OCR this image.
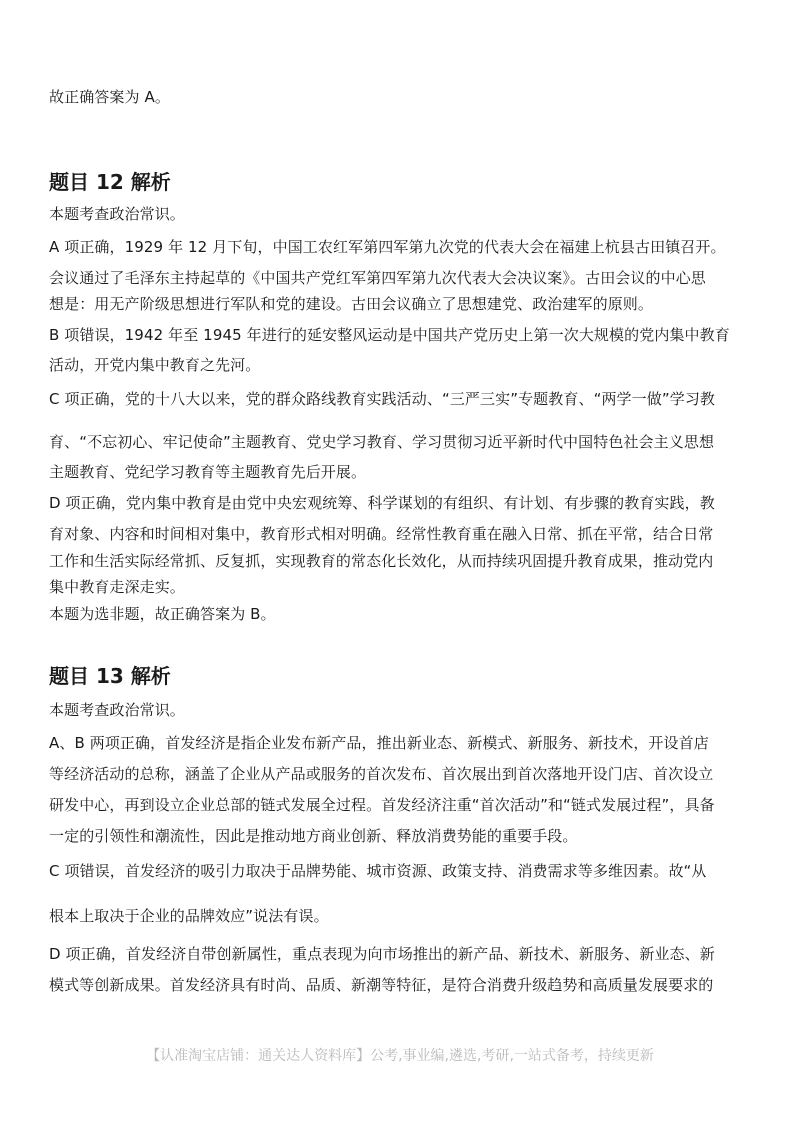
故正确答案为 A。
题目 12 解析
本题考查政治常识。
A 项正确，1929 年 12 月下旬，中国工农红军第四军第九次党的代表大会在福建上杭县古田镇召开。
会议通过了毛泽东主持起草的《中国共产党红军第四军第九次代表大会决议案》。古田会议的中心思
想是：用无产阶级思想进行军队和党的建设。古田会议确立了思想建党、政治建军的原则。
B 项错误，1942 年至 1945 年进行的延安整风运动是中国共产党历史上第一次大规模的党内集中教育
活动，开党内集中教育之先河。
C 项正确，党的十八大以来，党的群众路线教育实践活动、“三严三实”专题教育、“两学一做”学习教
育、“不忘初心、牢记使命”主题教育、党史学习教育、学习贯彻习近平新时代中国特色社会主义思想
主题教育、党纪学习教育等主题教育先后开展。
D 项正确，党内集中教育是由党中央宏观统筹、科学谋划的有组织、有计划、有步骤的教育实践，教
育对象、内容和时间相对集中，教育形式相对明确。经常性教育重在融入日常、抓在平常，结合日常
工作和生活实际经常抓、反复抓，实现教育的常态化长效化，从而持续巩固提升教育成果，推动党内
集中教育走深走实。
本题为选非题，故正确答案为 B。
题目 13 解析
本题考查政治常识。
A、B 两项正确，首发经济是指企业发布新产品，推出新业态、新模式、新服务、新技术，开设首店
等经济活动的总称，涵盖了企业从产品或服务的首次发布、首次展出到首次落地开设门店、首次设立
研发中心，再到设立企业总部的链式发展全过程。首发经济注重“首次活动”和“链式发展过程”，具备
一定的引领性和潮流性，因此是推动地方商业创新、释放消费势能的重要手段。
C 项错误，首发经济的吸引力取决于品牌势能、城市资源、政策支持、消费需求等多维因素。故“从
根本上取决于企业的品牌效应”说法有误。
D 项正确，首发经济自带创新属性，重点表现为向市场推出的新产品、新技术、新服务、新业态、新
模式等创新成果。首发经济具有时尚、品质、新潮等特征，是符合消费升级趋势和高质量发展要求的
【认准淘宝店铺：通关达人资料库】公考,事业编,遴选,考研,一站式备考，持续更新
